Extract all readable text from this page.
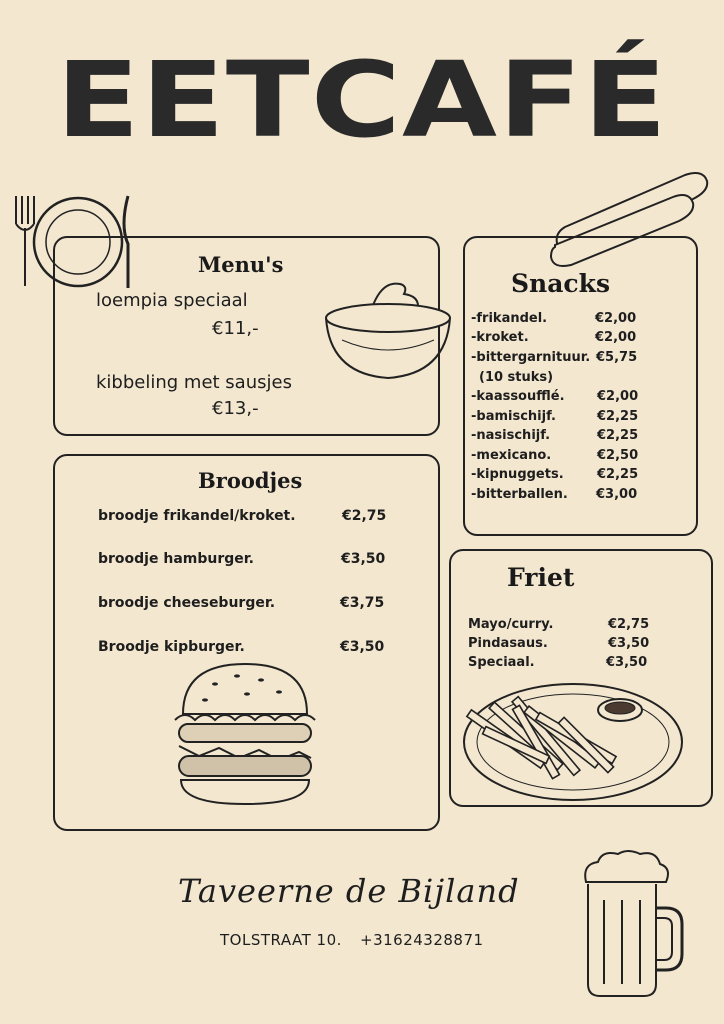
EETCAFÉ
Menu's
loempia speciaal
€11,-
kibbeling met sausjes
€13,-
Snacks
-frikandel.	€2,00
-kroket.	€2,00
-bittergarnituur. €5,75
(10 stuks)
-kaassoufflé. €2,00
-bamischijf.	€2,25
-nasischijf.	€2,25
-mexicano.	€2,50
-kipnuggets.	€2,25
-bitterballen. €3,00
Broodjes
broodje frikandel/kroket.	€2,75
broodje hamburger.	€3,50
broodje cheeseburger.	€3,75
Broodje kipburger.	€3,50
Friet
Mayo/curry.	€2,75
Pindasaus.	€3,50
Speciaal.	€3,50
Taveerne de Bijland
TOLSTRAAT 10. +31624328871
